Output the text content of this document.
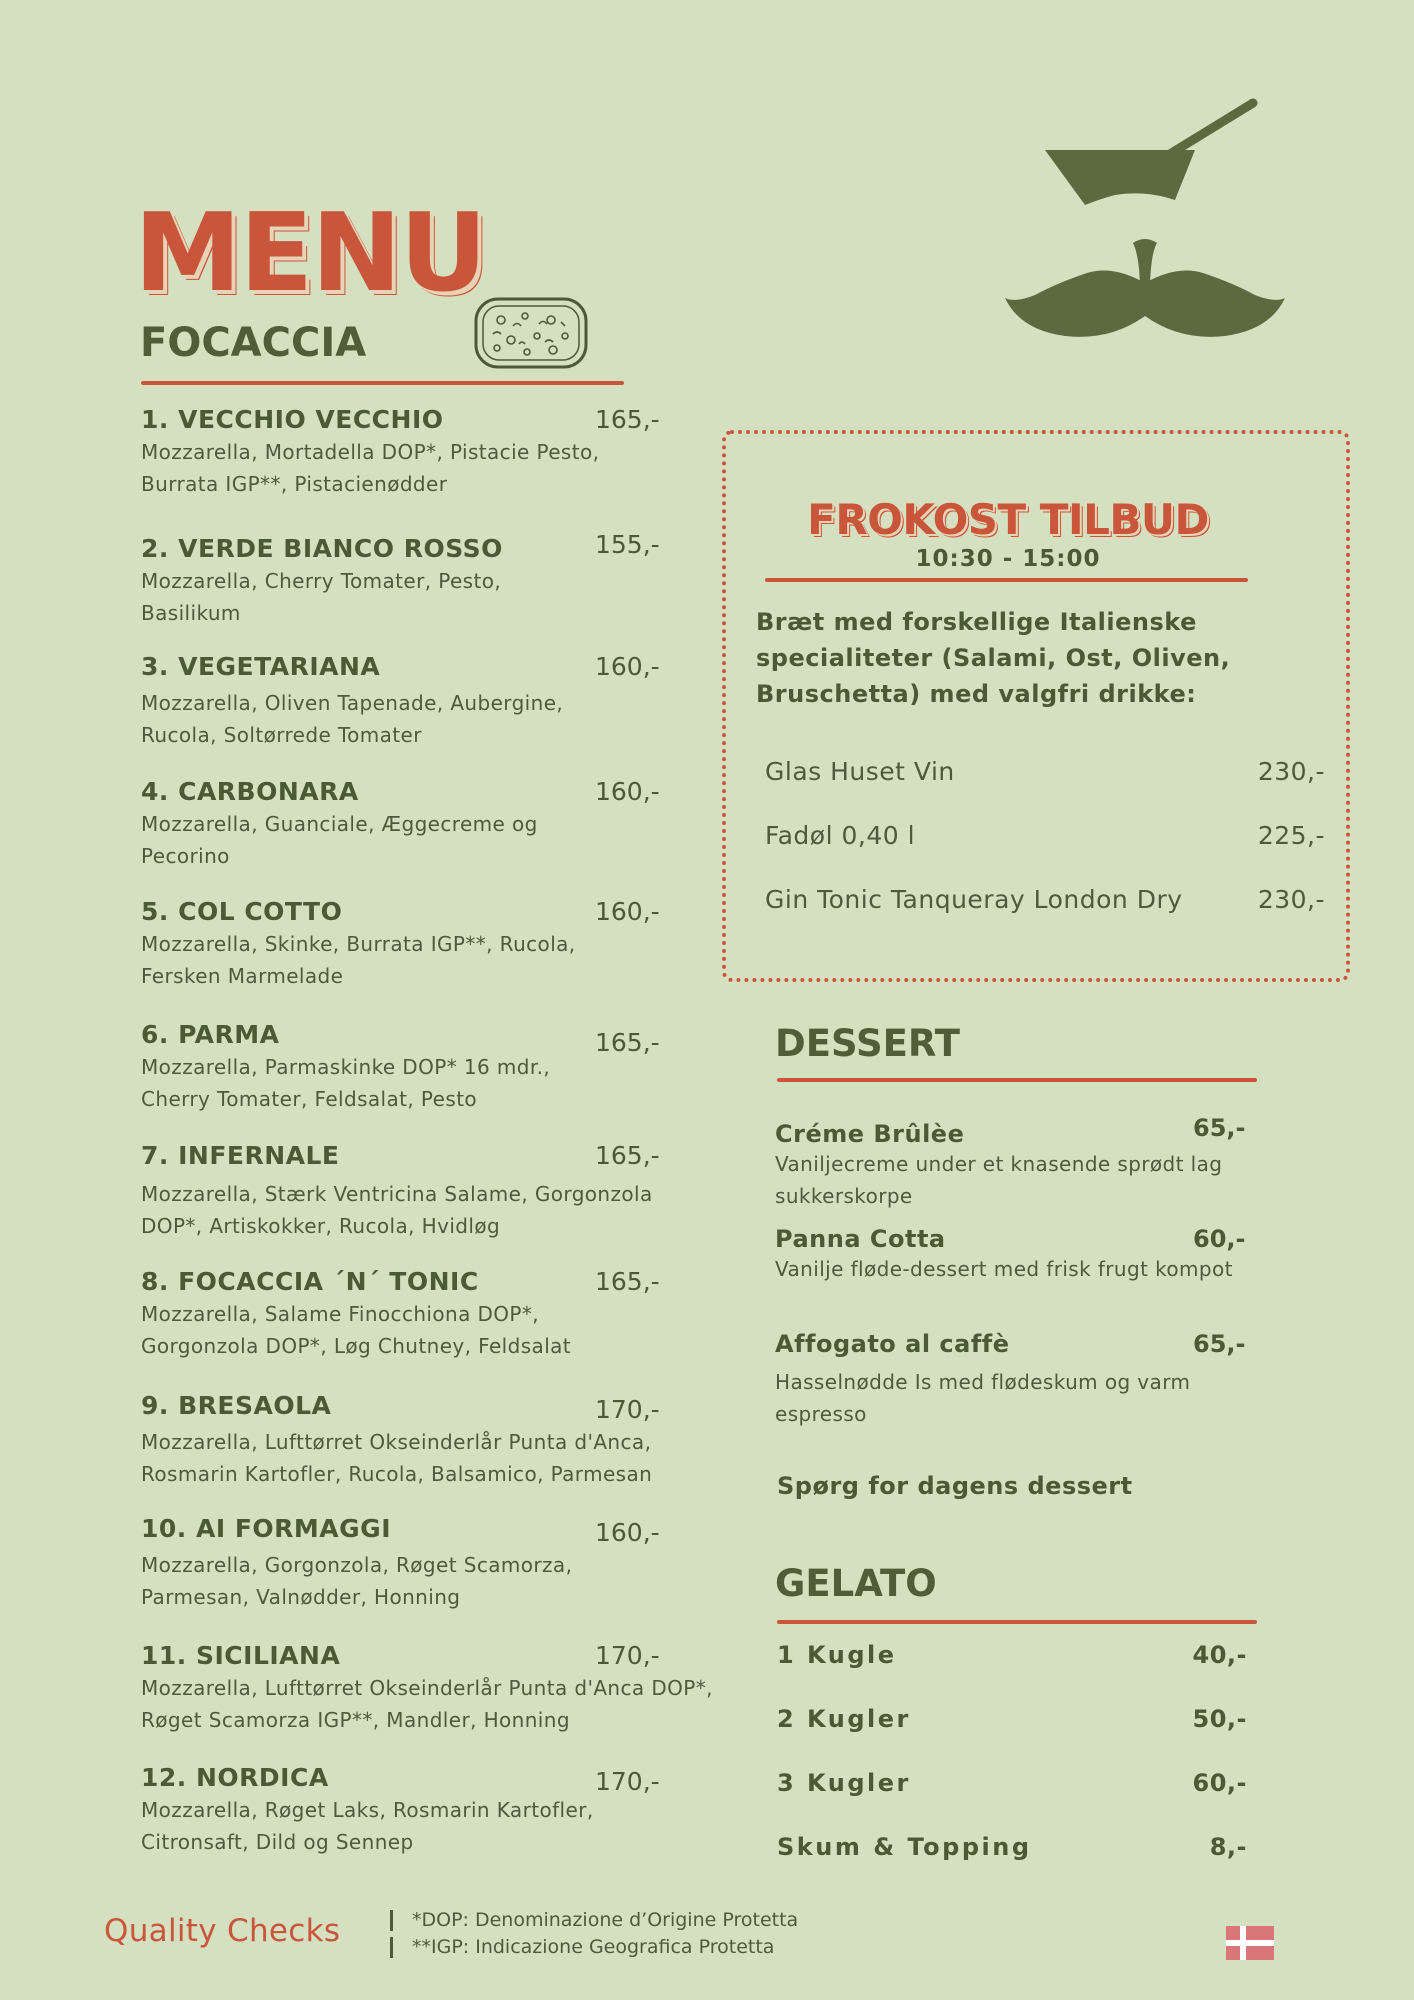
MENU
FOCACCIA
1. VECCHIO VECCHIO	165,-
Mozzarella, Mortadella DOP*, Pistacie Pesto, Burrata IGP**, Pistacienødder
2. VERDE BIANCO ROSSO	155,-
Mozzarella, Cherry Tomater, Pesto, Basilikum
3. VEGETARIANA	160,-
Mozzarella, Oliven Tapenade, Aubergine, Rucola, Soltørrede Tomater
4. CARBONARA	160,-
Mozzarella, Guanciale, Æggecreme og Pecorino
5. COL COTTO	160,-
Mozzarella, Skinke, Burrata IGP**, Rucola, Fersken Marmelade
6. PARMA	165,-
Mozzarella, Parmaskinke DOP* 16 mdr., Cherry Tomater, Feldsalat, Pesto
7. INFERNALE	165,-
Mozzarella, Stærk Ventricina Salame, Gorgonzola DOP*, Artiskokker, Rucola, Hvidløg
8. FOCACCIA ´N´ TONIC	165,-
Mozzarella, Salame Finocchiona DOP*, Gorgonzola DOP*, Løg Chutney, Feldsalat
9. BRESAOLA	170,-
Mozzarella, Lufttørret Okseinderlår Punta d'Anca, Rosmarin Kartofler, Rucola, Balsamico, Parmesan
10. AI FORMAGGI	160,-
Mozzarella, Gorgonzola, Røget Scamorza, Parmesan, Valnødder, Honning
11. SICILIANA	170,-
Mozzarella, Lufttørret Okseinderlår Punta d'Anca DOP*, Røget Scamorza IGP**, Mandler, Honning
12. NORDICA	170,-
Mozzarella, Røget Laks, Rosmarin Kartofler, Citronsaft, Dild og Sennep
FROKOST TILBUD
10:30 - 15:00
Bræt med forskellige Italienske specialiteter (Salami, Ost, Oliven, Bruschetta) med valgfri drikke:
Glas Huset Vin	230,-
Fadøl 0,40 l	225,-
Gin Tonic Tanqueray London Dry	230,-
DESSERT
Créme Brûlèe	65,-
Vaniljecreme under et knasende sprødt lag sukkerskorpe
Panna Cotta	60,-
Vanilje fløde-dessert med frisk frugt kompot
Affogato al caffè	65,-
Hasselnødde Is med flødeskum og varm espresso
Spørg for dagens dessert
GELATO
1 Kugle	40,-
2 Kugler	50,-
3 Kugler	60,-
Skum & Topping	8,-
Quality Checks	*DOP: Denominazione d’Origine Protetta
**IGP: Indicazione Geografica Protetta
